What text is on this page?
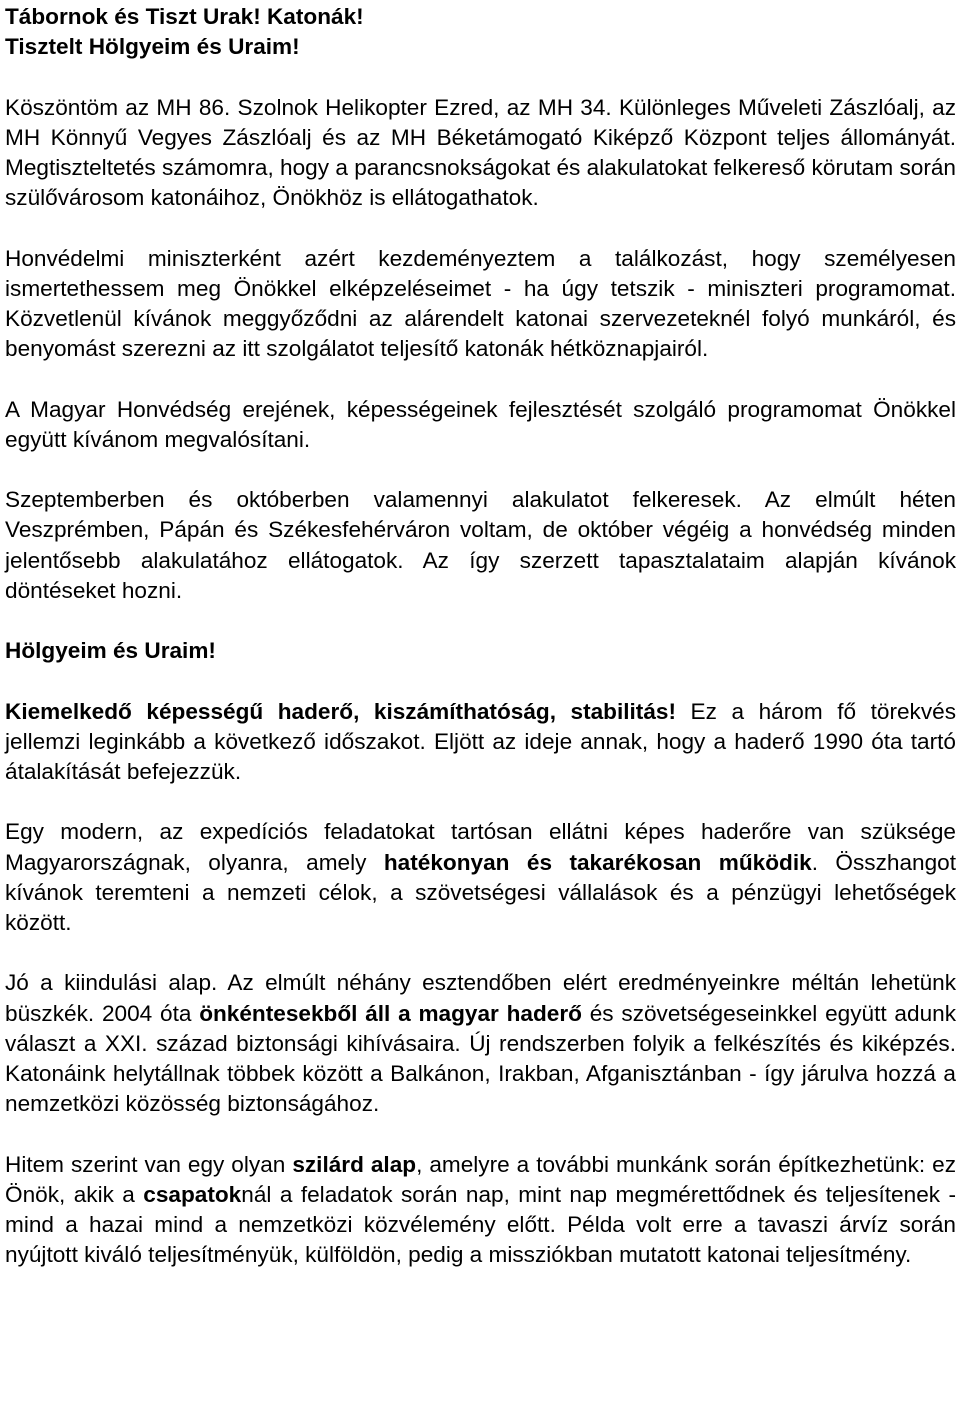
Tábornok és Tiszt Urak! Katonák!
Tisztelt Hölgyeim és Uraim!

Köszöntöm az MH 86. Szolnok Helikopter Ezred, az MH 34. Különleges Műveleti Zászlóalj, az MH Könnyű Vegyes Zászlóalj és az MH Béketámogató Kiképző Központ teljes állományát. Megtiszteltetés számomra, hogy a parancsnokságokat és alakulatokat felkereső körutam során szülővárosom katonáihoz, Önökhöz is ellátogathatok.

Honvédelmi miniszterként azért kezdeményeztem a találkozást, hogy személyesen ismertethessem meg Önökkel elképzeléseimet - ha úgy tetszik - miniszteri programomat. Közvetlenül kívánok meggyőződni az alárendelt katonai szervezeteknél folyó munkáról, és benyomást szerezni az itt szolgálatot teljesítő katonák hétköznapjairól.

A Magyar Honvédség erejének, képességeinek fejlesztését szolgáló programomat Önökkel együtt kívánom megvalósítani.

Szeptemberben és októberben valamennyi alakulatot felkeresek. Az elmúlt héten Veszprémben, Pápán és Székesfehérváron voltam, de október végéig a honvédség minden jelentősebb alakulatához ellátogatok. Az így szerzett tapasztalataim alapján kívánok döntéseket hozni.

Hölgyeim és Uraim!

Kiemelkedő képességű haderő, kiszámíthatóság, stabilitás! Ez a három fő törekvés jellemzi leginkább a következő időszakot. Eljött az ideje annak, hogy a haderő 1990 óta tartó átalakítását befejezzük.

Egy modern, az expedíciós feladatokat tartósan ellátni képes haderőre van szüksége Magyarországnak, olyanra, amely hatékonyan és takarékosan működik. Összhangot kívánok teremteni a nemzeti célok, a szövetségesi vállalások és a pénzügyi lehetőségek között.

Jó a kiindulási alap. Az elmúlt néhány esztendőben elért eredményeinkre méltán lehetünk büszkék. 2004 óta önkéntesekből áll a magyar haderő és szövetségeseinkkel együtt adunk választ a XXI. század biztonsági kihívásaira. Új rendszerben folyik a felkészítés és kiképzés. Katonáink helytállnak többek között a Balkánon, Irakban, Afganisztánban - így járulva hozzá a nemzetközi közösség biztonságához.

Hitem szerint van egy olyan szilárd alap, amelyre a további munkánk során építkezhetünk: ez Önök, akik a csapatoknál a feladatok során nap, mint nap megmérettődnek és teljesítenek - mind a hazai mind a nemzetközi közvélemény előtt. Példa volt erre a tavaszi árvíz során nyújtott kiváló teljesítményük, külföldön, pedig a missziókban mutatott katonai teljesítmény.
